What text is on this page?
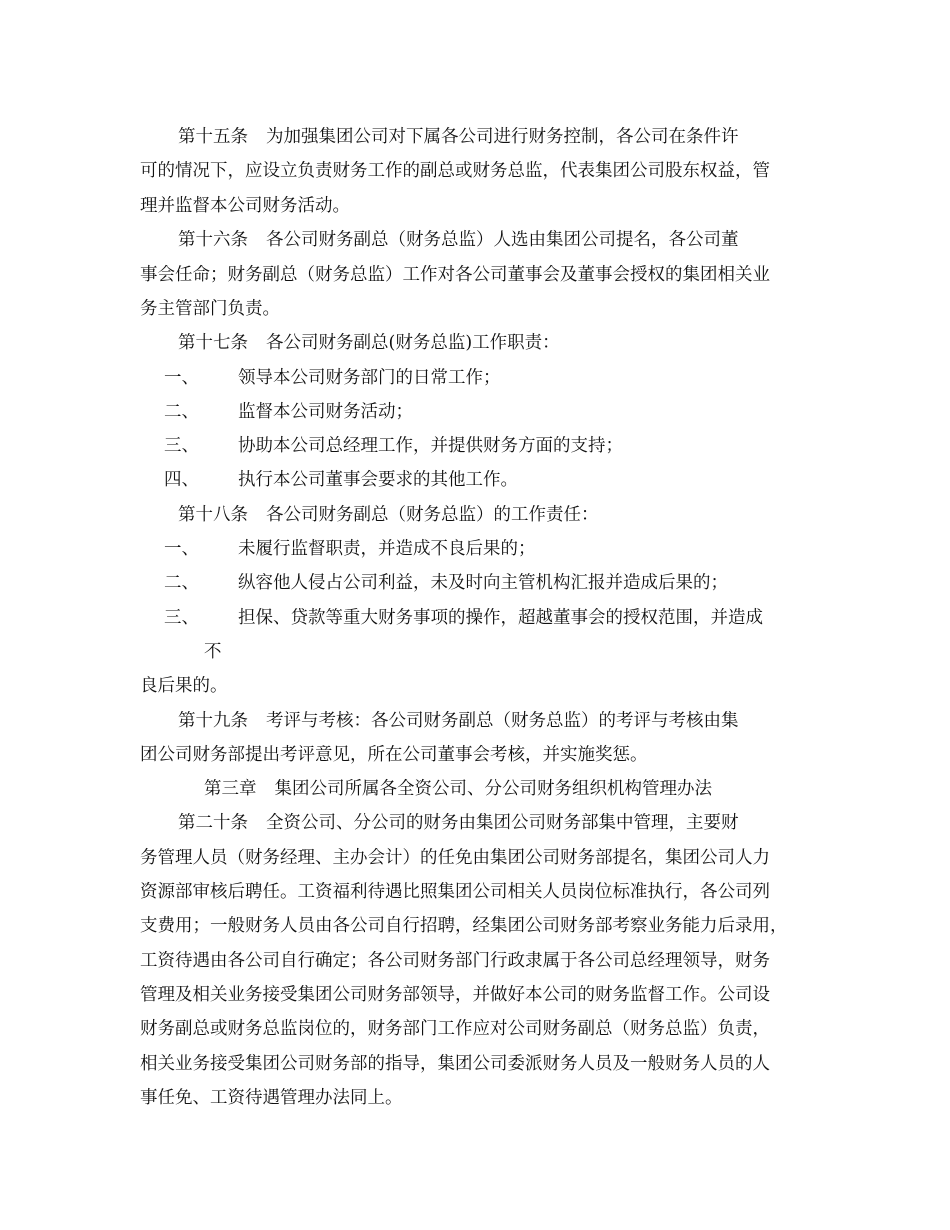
第十五条 为加强集团公司对下属各公司进行财务控制，各公司在条件许
可的情况下，应设立负责财务工作的副总或财务总监，代表集团公司股东权益，管
理并监督本公司财务活动。
第十六条 各公司财务副总（财务总监）人选由集团公司提名，各公司董
事会任命；财务副总（财务总监）工作对各公司董事会及董事会授权的集团相关业
务主管部门负责。
第十七条 各公司财务副总(财务总监)工作职责：
一、 领导本公司财务部门的日常工作；
二、 监督本公司财务活动；
三、 协助本公司总经理工作，并提供财务方面的支持；
四、 执行本公司董事会要求的其他工作。
第十八条 各公司财务副总（财务总监）的工作责任：
一、 未履行监督职责，并造成不良后果的；
二、 纵容他人侵占公司利益，未及时向主管机构汇报并造成后果的；
三、 担保、贷款等重大财务事项的操作，超越董事会的授权范围，并造成
不
良后果的。
第十九条 考评与考核：各公司财务副总（财务总监）的考评与考核由集
团公司财务部提出考评意见，所在公司董事会考核，并实施奖惩。
第三章 集团公司所属各全资公司、分公司财务组织机构管理办法
第二十条 全资公司、分公司的财务由集团公司财务部集中管理，主要财
务管理人员（财务经理、主办会计）的任免由集团公司财务部提名，集团公司人力
资源部审核后聘任。工资福利待遇比照集团公司相关人员岗位标准执行，各公司列
支费用；一般财务人员由各公司自行招聘，经集团公司财务部考察业务能力后录用，
工资待遇由各公司自行确定；各公司财务部门行政隶属于各公司总经理领导，财务
管理及相关业务接受集团公司财务部领导，并做好本公司的财务监督工作。公司设
财务副总或财务总监岗位的，财务部门工作应对公司财务副总（财务总监）负责，
相关业务接受集团公司财务部的指导，集团公司委派财务人员及一般财务人员的人
事任免、工资待遇管理办法同上。
